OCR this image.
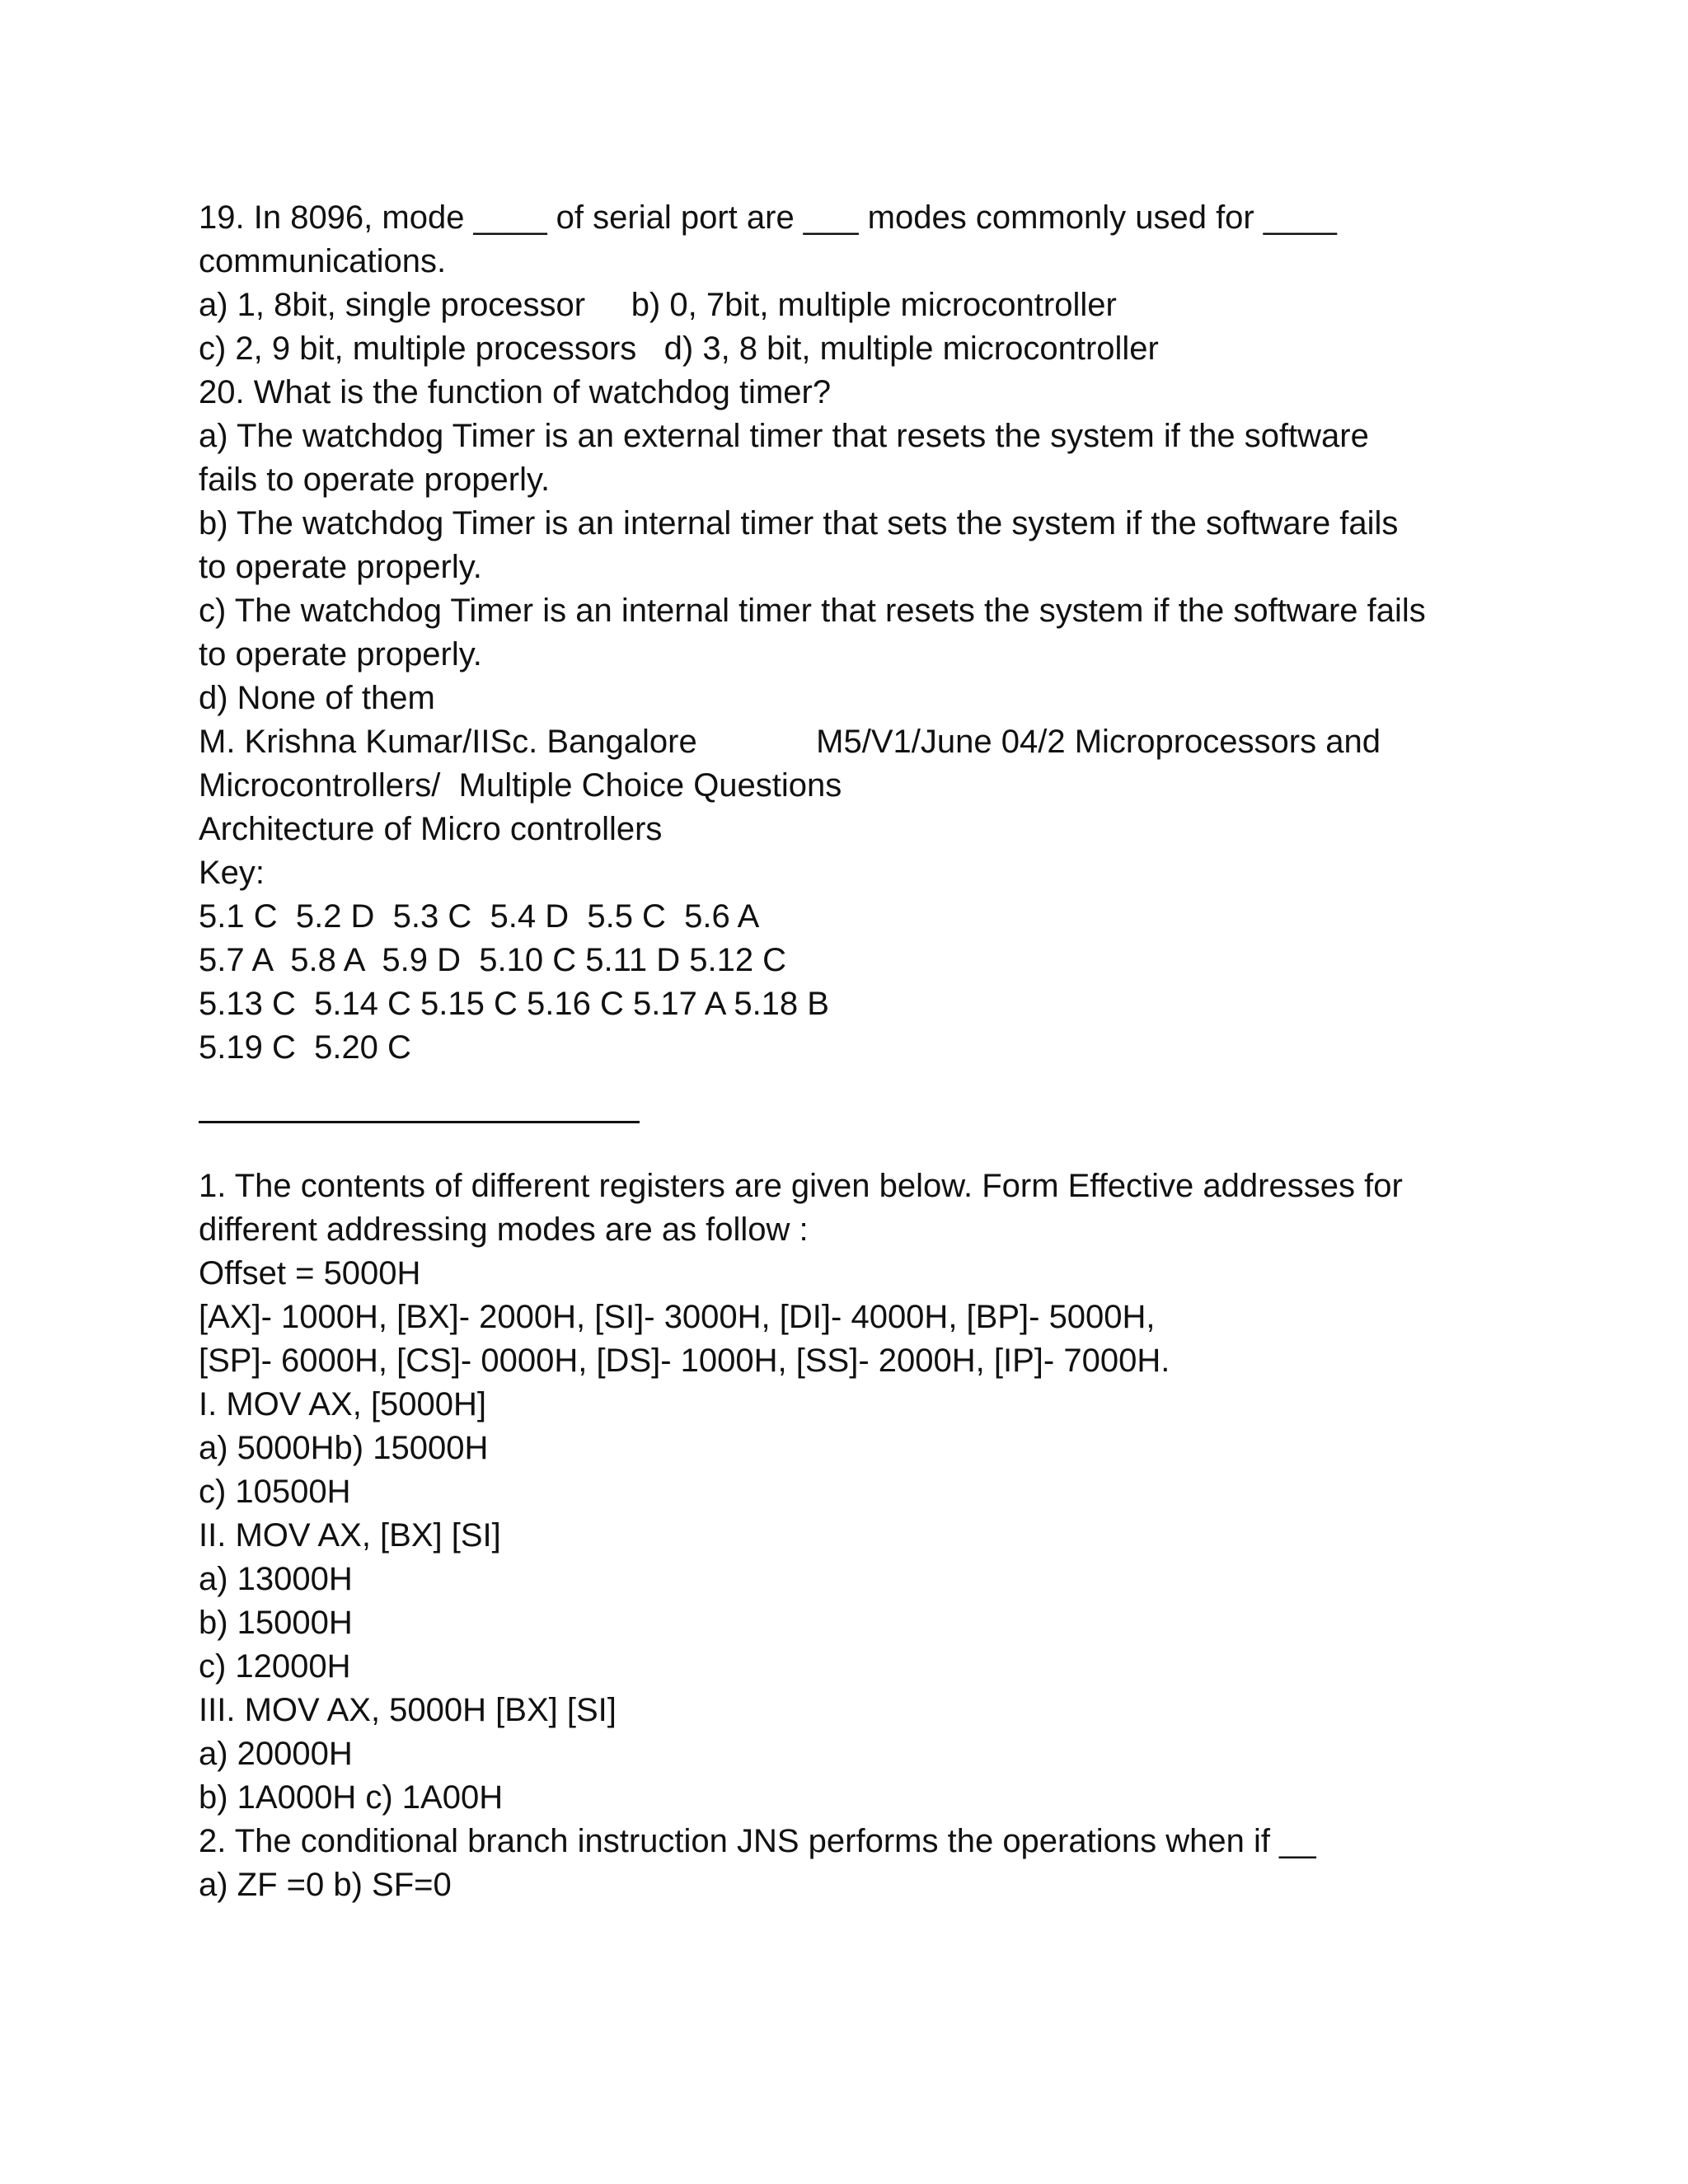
19. In 8096, mode ____ of serial port are ___ modes commonly used for ____

communications.

a) 1, 8bit, single processor     b) 0, 7bit, multiple microcontroller

c) 2, 9 bit, multiple processors   d) 3, 8 bit, multiple microcontroller

20. What is the function of watchdog timer?

a) The watchdog Timer is an external timer that resets the system if the software

fails to operate properly.

b) The watchdog Timer is an internal timer that sets the system if the software fails

to operate properly.

c) The watchdog Timer is an internal timer that resets the system if the software fails

to operate properly.

d) None of them

M. Krishna Kumar/IISc. Bangalore             M5/V1/June 04/2 Microprocessors and

Microcontrollers/  Multiple Choice Questions

Architecture of Micro controllers

Key:

5.1 C  5.2 D  5.3 C  5.4 D  5.5 C  5.6 A

5.7 A  5.8 A  5.9 D  5.10 C 5.11 D 5.12 C

5.13 C  5.14 C 5.15 C 5.16 C 5.17 A 5.18 B

5.19 C  5.20 C

1. The contents of different registers are given below. Form Effective addresses for

different addressing modes are as follow :

Offset = 5000H

[AX]- 1000H, [BX]- 2000H, [SI]- 3000H, [DI]- 4000H, [BP]- 5000H,

[SP]- 6000H, [CS]- 0000H, [DS]- 1000H, [SS]- 2000H, [IP]- 7000H.

I. MOV AX, [5000H]

a) 5000Hb) 15000H

c) 10500H

II. MOV AX, [BX] [SI]

a) 13000H

b) 15000H

c) 12000H

III. MOV AX, 5000H [BX] [SI]

a) 20000H

b) 1A000H c) 1A00H

2. The conditional branch instruction JNS performs the operations when if __

a) ZF =0 b) SF=0
